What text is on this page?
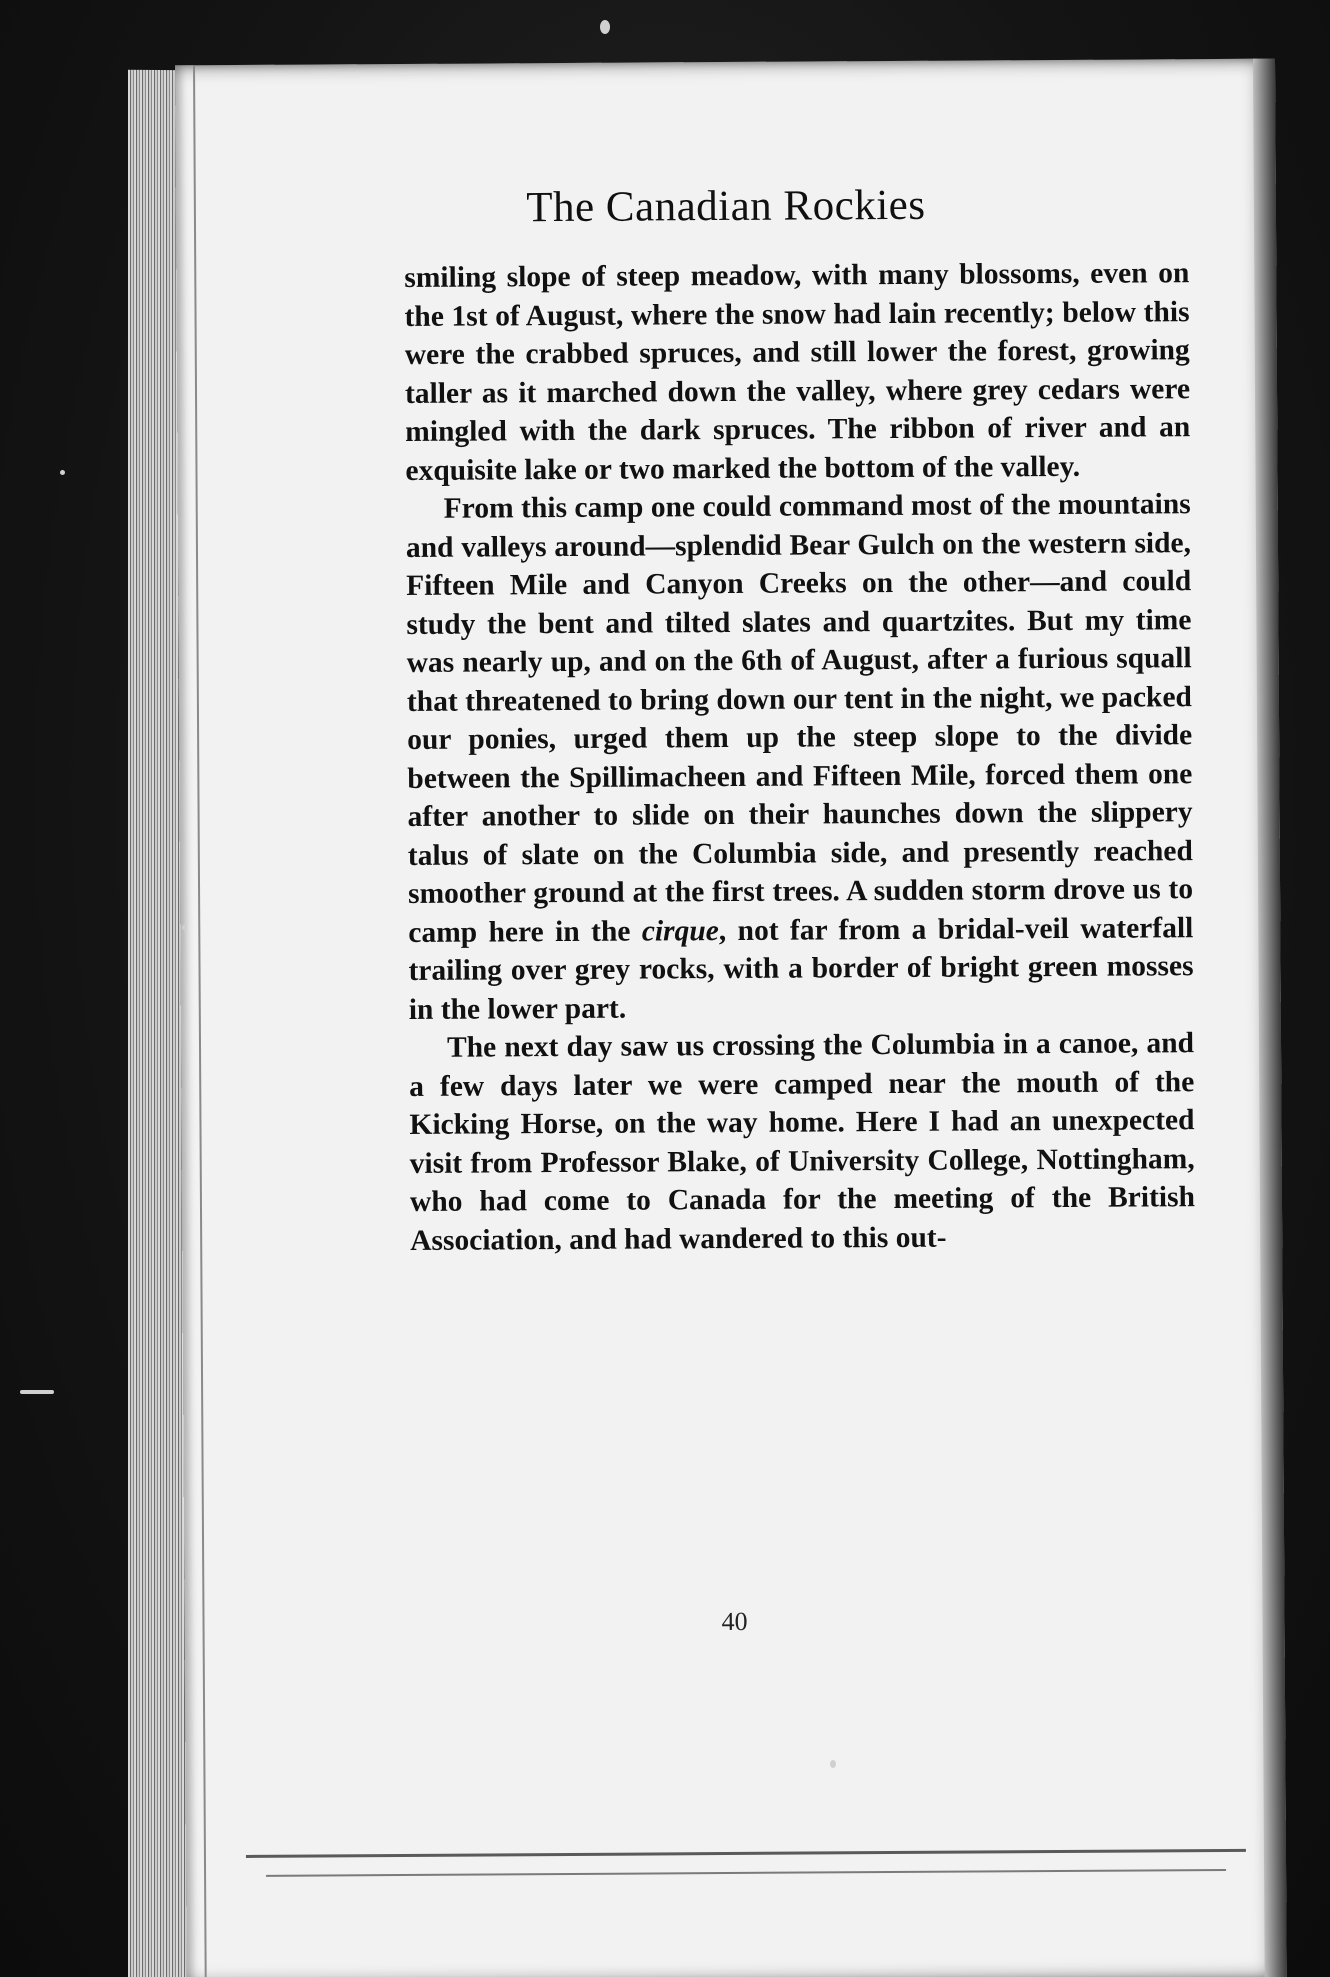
The Canadian Rockies

smiling slope of steep meadow, with many blossoms, even on the 1st of August, where the snow had lain recently; below this were the crabbed spruces, and still lower the forest, growing taller as it marched down the valley, where grey cedars were mingled with the dark spruces. The ribbon of river and an exquisite lake or two marked the bottom of the valley.

From this camp one could command most of the mountains and valleys around—splendid Bear Gulch on the western side, Fifteen Mile and Canyon Creeks on the other—and could study the bent and tilted slates and quartzites. But my time was nearly up, and on the 6th of August, after a furious squall that threatened to bring down our tent in the night, we packed our ponies, urged them up the steep slope to the divide between the Spillimacheen and Fifteen Mile, forced them one after another to slide on their haunches down the slippery talus of slate on the Columbia side, and presently reached smoother ground at the first trees. A sudden storm drove us to camp here in the cirque, not far from a bridal-veil waterfall trailing over grey rocks, with a border of bright green mosses in the lower part.

The next day saw us crossing the Columbia in a canoe, and a few days later we were camped near the mouth of the Kicking Horse, on the way home. Here I had an unexpected visit from Professor Blake, of University College, Nottingham, who had come to Canada for the meeting of the British Association, and had wandered to this out-

40
